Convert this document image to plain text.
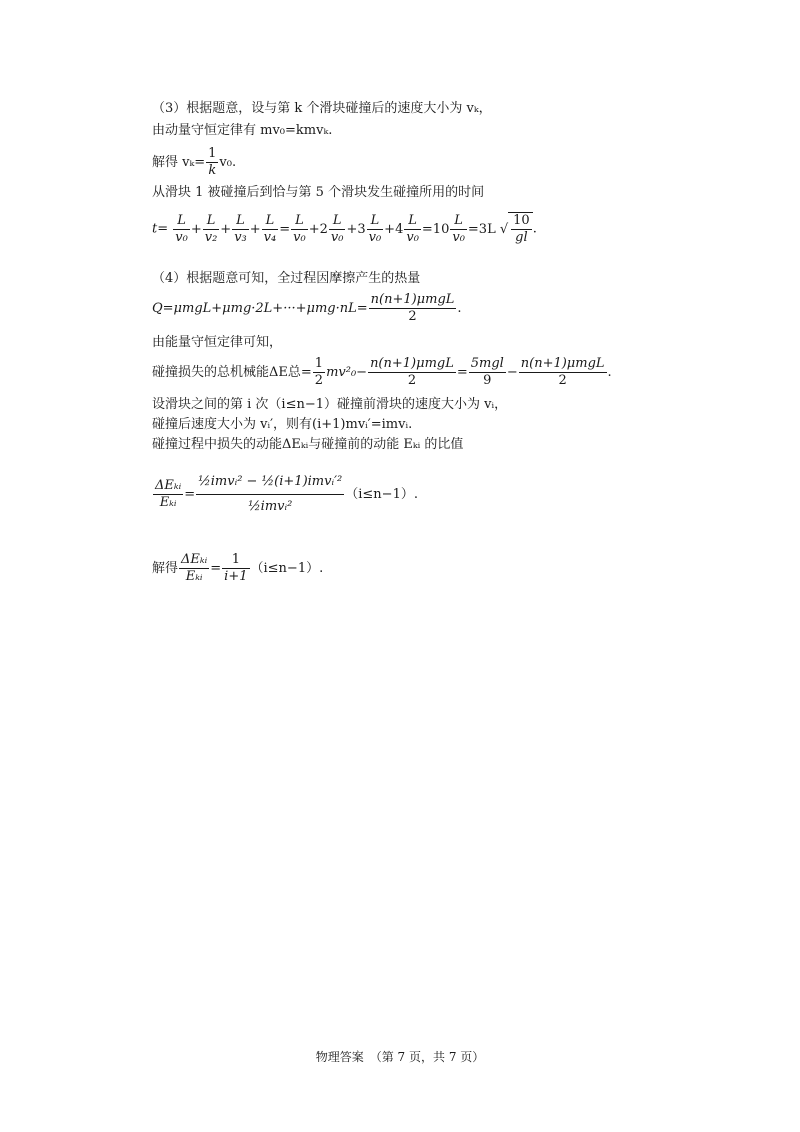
（3）根据题意，设与第 k 个滑块碰撞后的速度大小为 vₖ，
由动量守恒定律有 mv₀=kmvₖ.
解得 $v_k= \frac{1}{k} v_0$.
从滑块 1 被碰撞后到恰与第 5 个滑块发生碰撞所用的时间
$t= \frac{L}{\text{v₀}} + \frac{L}{\text{v₂}} + \frac{L}{\text{v₃}} + \frac{L}{\text{v₄}} = \frac{L}{\text{v₀}} +2 \frac{L}{\text{v₀}} +3 \frac{L}{\text{v₀}} +4 \frac{L}{\text{v₀}} =10 \frac{L}{\text{v₀}} =3L$ √ $\frac{10}{gl}$ .
（4）根据题意可知，全过程因摩擦产生的热量
$Q=\mu mgL+\mu mg\cdot 2L+\cdot\cdot\cdot+\mu mg\cdot nL= \frac{\text{n(n+1)μmgL}}{2}$ .
由能量守恒定律可知，
碰撞损失的总机械能ΔE总= $\frac{1}{2} mv^2_0- \frac{\text{n(n+1)μmgL}}{2} = \frac{\text{5mgl}}{9} - \frac{\text{n(n+1)μmgL}}{2}$ .
设滑块之间的第 i 次（i≤n−1）碰撞前滑块的速度大小为 vᵢ，
碰撞后速度大小为 vᵢ′，则有(i+1)mvᵢ′=imvᵢ.
碰撞过程中损失的动能ΔEₖᵢ与碰撞前的动能 Eₖᵢ 的比值
$\frac{\text{ΔEₖᵢ}}{\text{Eₖᵢ}} = \frac{\text{½imvᵢ² − ½(i+1)imvᵢ′²}}{\text{½imvᵢ²}} (i\le n-1)$.
解得 $\frac{\text{ΔEₖᵢ}}{\text{Eₖᵢ}} = \frac{1}{i+1} (i\le n-1)$.
物理答案　（第 7 页，共 7 页）
